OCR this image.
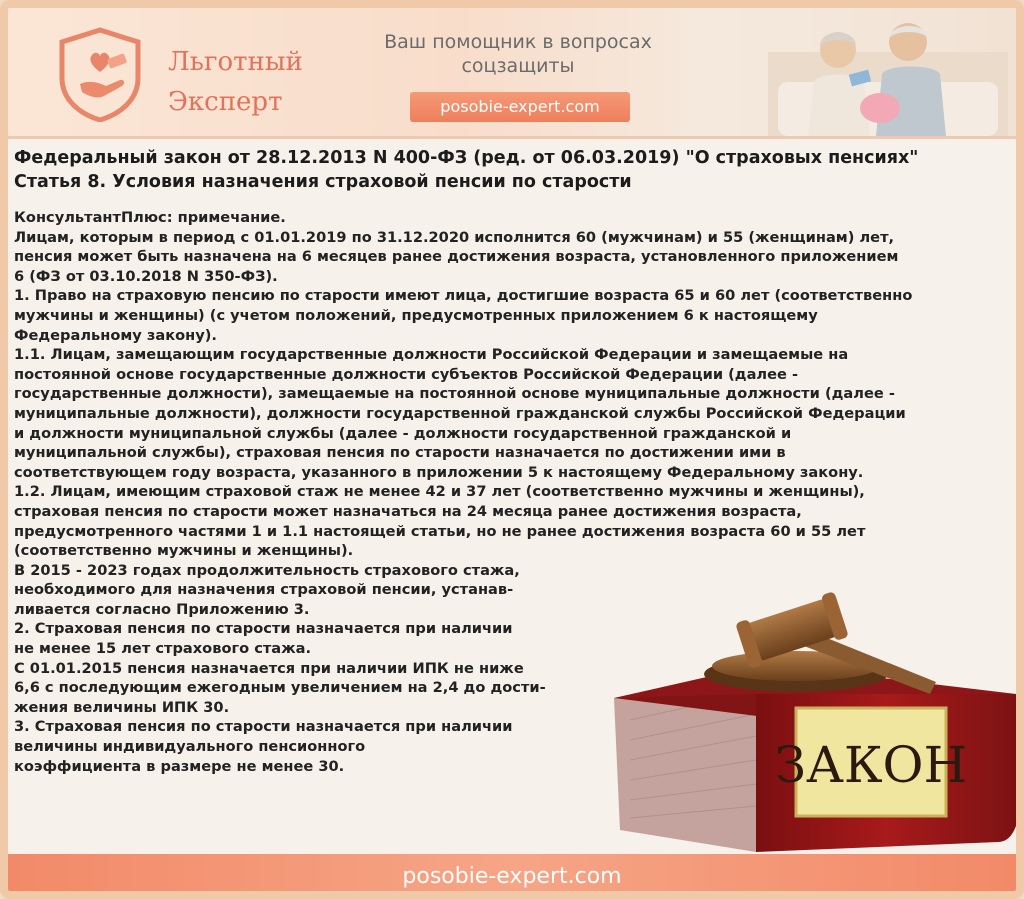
Льготный
Эксперт
Ваш помощник в вопросах
соцзащиты
posobie-expert.com
Федеральный закон от 28.12.2013 N 400-ФЗ (ред. от 06.03.2019) "О страховых пенсиях"
Статья 8. Условия назначения страховой пенсии по старости
КонсультантПлюс: примечание.
Лицам, которым в период с 01.01.2019 по 31.12.2020 исполнится 60 (мужчинам) и 55 (женщинам) лет,
пенсия может быть назначена на 6 месяцев ранее достижения возраста, установленного приложением
6 (ФЗ от 03.10.2018 N 350-ФЗ).
1. Право на страховую пенсию по старости имеют лица, достигшие возраста 65 и 60 лет (соответственно
мужчины и женщины) (с учетом положений, предусмотренных приложением 6 к настоящему
Федеральному закону).
1.1. Лицам, замещающим государственные должности Российской Федерации и замещаемые на
постоянной основе государственные должности субъектов Российской Федерации (далее -
государственные должности), замещаемые на постоянной основе муниципальные должности (далее -
муниципальные должности), должности государственной гражданской службы Российской Федерации
и должности муниципальной службы (далее - должности государственной гражданской и
муниципальной службы), страховая пенсия по старости назначается по достижении ими в
соответствующем году возраста, указанного в приложении 5 к настоящему Федеральному закону.
1.2. Лицам, имеющим страховой стаж не менее 42 и 37 лет (соответственно мужчины и женщины),
страховая пенсия по старости может назначаться на 24 месяца ранее достижения возраста,
предусмотренного частями 1 и 1.1 настоящей статьи, но не ранее достижения возраста 60 и 55 лет
(соответственно мужчины и женщины).
В 2015 - 2023 годах продолжительность страхового стажа,
необходимого для назначения страховой пенсии, устанав-
ливается согласно Приложению 3.
2. Страховая пенсия по старости назначается при наличии
не менее 15 лет страхового стажа.
С 01.01.2015 пенсия назначается при наличии ИПК не ниже
6,6 с последующим ежегодным увеличением на 2,4 до дости-
жения величины ИПК 30.
3. Страховая пенсия по старости назначается при наличии
величины индивидуального пенсионного
коэффициента в размере не менее 30.	ЗАКОН
posobie-expert.com
